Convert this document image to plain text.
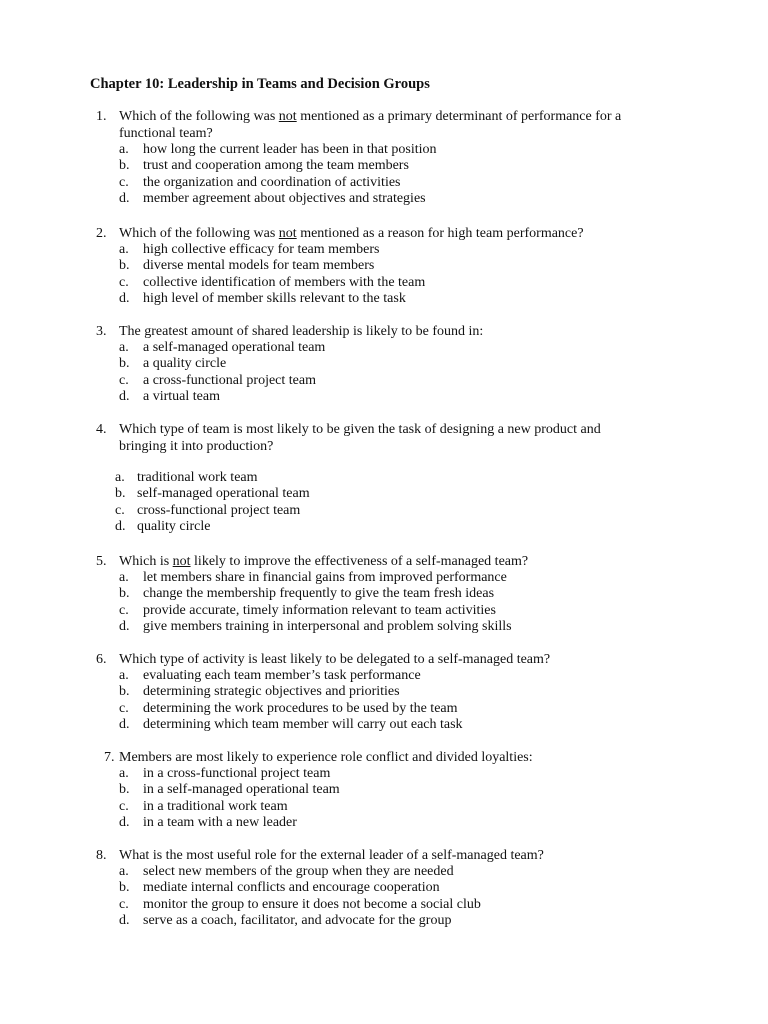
Chapter 10: Leadership in Teams and Decision Groups
1. Which of the following was not mentioned as a primary determinant of performance for a
functional team?
a. how long the current leader has been in that position
b. trust and cooperation among the team members
c. the organization and coordination of activities
d. member agreement about objectives and strategies
2. Which of the following was not mentioned as a reason for high team performance?
a. high collective efficacy for team members
b. diverse mental models for team members
c. collective identification of members with the team
d. high level of member skills relevant to the task
3. The greatest amount of shared leadership is likely to be found in:
a. a self-managed operational team
b. a quality circle
c. a cross-functional project team
d. a virtual team
4. Which type of team is most likely to be given the task of designing a new product and
bringing it into production?
a. traditional work team
b. self-managed operational team
c. cross-functional project team
d. quality circle
5. Which is not likely to improve the effectiveness of a self-managed team?
a. let members share in financial gains from improved performance
b. change the membership frequently to give the team fresh ideas
c. provide accurate, timely information relevant to team activities
d. give members training in interpersonal and problem solving skills
6. Which type of activity is least likely to be delegated to a self-managed team?
a. evaluating each team member’s task performance
b. determining strategic objectives and priorities
c. determining the work procedures to be used by the team
d. determining which team member will carry out each task
7. Members are most likely to experience role conflict and divided loyalties:
a. in a cross-functional project team
b. in a self-managed operational team
c. in a traditional work team
d. in a team with a new leader
8. What is the most useful role for the external leader of a self-managed team?
a. select new members of the group when they are needed
b. mediate internal conflicts and encourage cooperation
c. monitor the group to ensure it does not become a social club
d. serve as a coach, facilitator, and advocate for the group
